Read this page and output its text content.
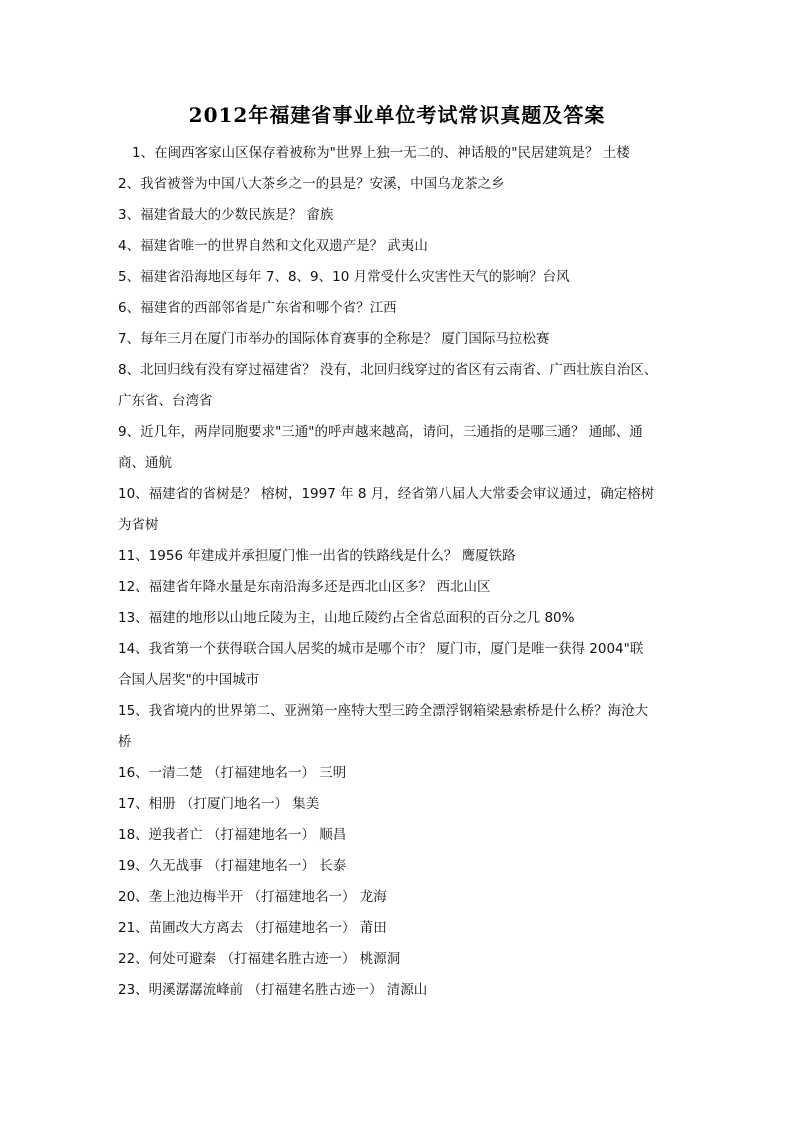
2012年福建省事业单位考试常识真题及答案
1、在闽西客家山区保存着被称为"世界上独一无二的、神话般的"民居建筑是？ 土楼
2、我省被誉为中国八大茶乡之一的县是？安溪，中国乌龙茶之乡
3、福建省最大的少数民族是？ 畲族
4、福建省唯一的世界自然和文化双遗产是？ 武夷山
5、福建省沿海地区每年 7、8、9、10 月常受什么灾害性天气的影响？台风
6、福建省的西部邻省是广东省和哪个省？江西
7、每年三月在厦门市举办的国际体育赛事的全称是？ 厦门国际马拉松赛
8、北回归线有没有穿过福建省？ 没有，北回归线穿过的省区有云南省、广西壮族自治区、
广东省、台湾省
9、近几年，两岸同胞要求"三通"的呼声越来越高，请问，三通指的是哪三通？ 通邮、通
商、通航
10、福建省的省树是？ 榕树，1997 年 8 月，经省第八届人大常委会审议通过，确定榕树
为省树
11、1956 年建成并承担厦门惟一出省的铁路线是什么？ 鹰厦铁路
12、福建省年降水量是东南沿海多还是西北山区多？ 西北山区
13、福建的地形以山地丘陵为主，山地丘陵约占全省总面积的百分之几 80%
14、我省第一个获得联合国人居奖的城市是哪个市？ 厦门市，厦门是唯一获得 2004"联
合国人居奖"的中国城市
15、我省境内的世界第二、亚洲第一座特大型三跨全漂浮钢箱梁悬索桥是什么桥？海沧大
桥
16、一清二楚 （打福建地名一） 三明
17、相册 （打厦门地名一） 集美
18、逆我者亡 （打福建地名一） 顺昌
19、久无战事 （打福建地名一） 长泰
20、垄上池边梅半开 （打福建地名一） 龙海
21、苗圃改大方离去 （打福建地名一） 莆田
22、何处可避秦 （打福建名胜古迹一） 桃源洞
23、明溪潺潺流峰前 （打福建名胜古迹一） 清源山
